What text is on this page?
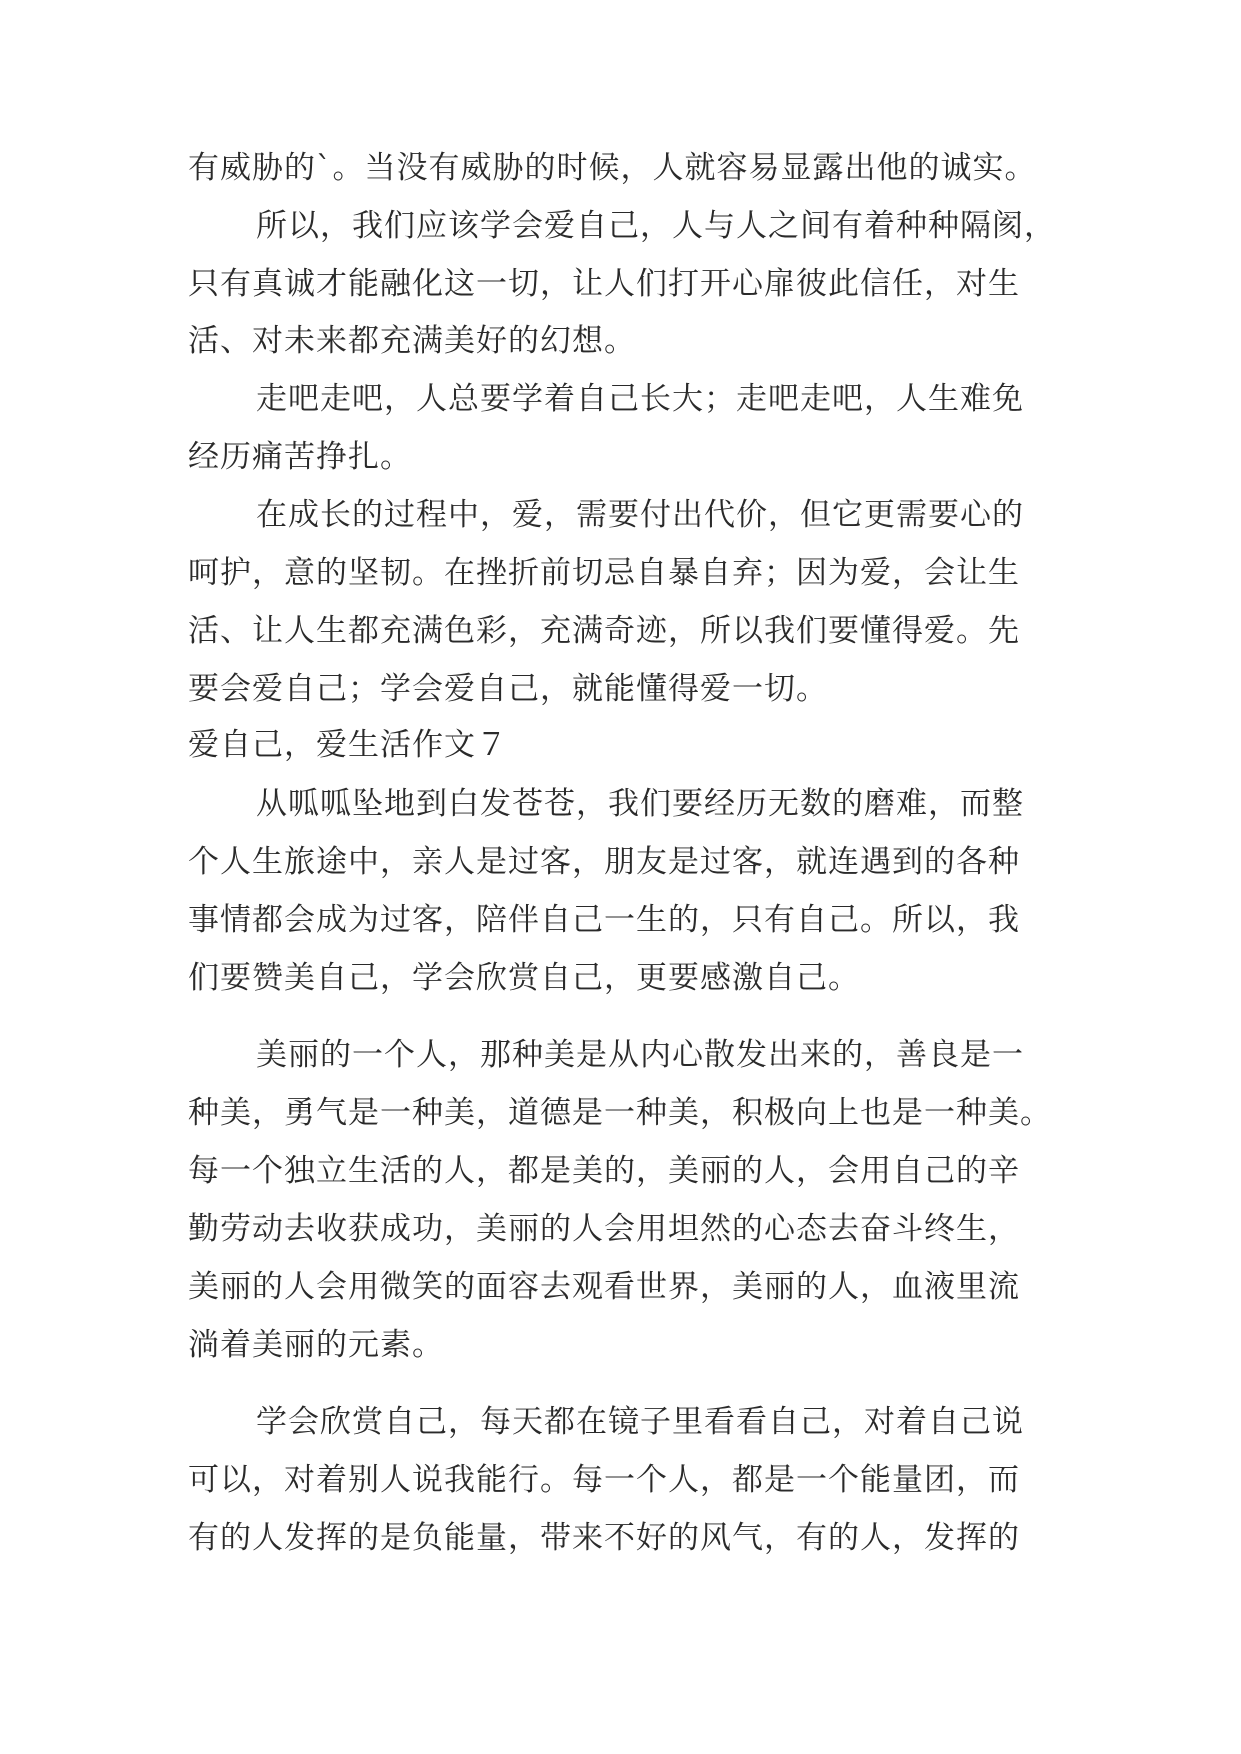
有威胁的`。当没有威胁的时候，人就容易显露出他的诚实。
所以，我们应该学会爱自己，人与人之间有着种种隔阂，
只有真诚才能融化这一切，让人们打开心扉彼此信任，对生
活、对未来都充满美好的幻想。
走吧走吧，人总要学着自己长大；走吧走吧，人生难免
经历痛苦挣扎。
在成长的过程中，爱，需要付出代价，但它更需要心的
呵护，意的坚韧。在挫折前切忌自暴自弃；因为爱，会让生
活、让人生都充满色彩，充满奇迹，所以我们要懂得爱。先
要会爱自己；学会爱自己，就能懂得爱一切。
爱自己，爱生活作文７
从呱呱坠地到白发苍苍，我们要经历无数的磨难，而整
个人生旅途中，亲人是过客，朋友是过客，就连遇到的各种
事情都会成为过客，陪伴自己一生的，只有自己。所以，我
们要赞美自己，学会欣赏自己，更要感激自己。
美丽的一个人，那种美是从内心散发出来的，善良是一
种美，勇气是一种美，道德是一种美，积极向上也是一种美。
每一个独立生活的人，都是美的，美丽的人，会用自己的辛
勤劳动去收获成功，美丽的人会用坦然的心态去奋斗终生，
美丽的人会用微笑的面容去观看世界，美丽的人，血液里流
淌着美丽的元素。
学会欣赏自己，每天都在镜子里看看自己，对着自己说
可以，对着别人说我能行。每一个人，都是一个能量团，而
有的人发挥的是负能量，带来不好的风气，有的人，发挥的
